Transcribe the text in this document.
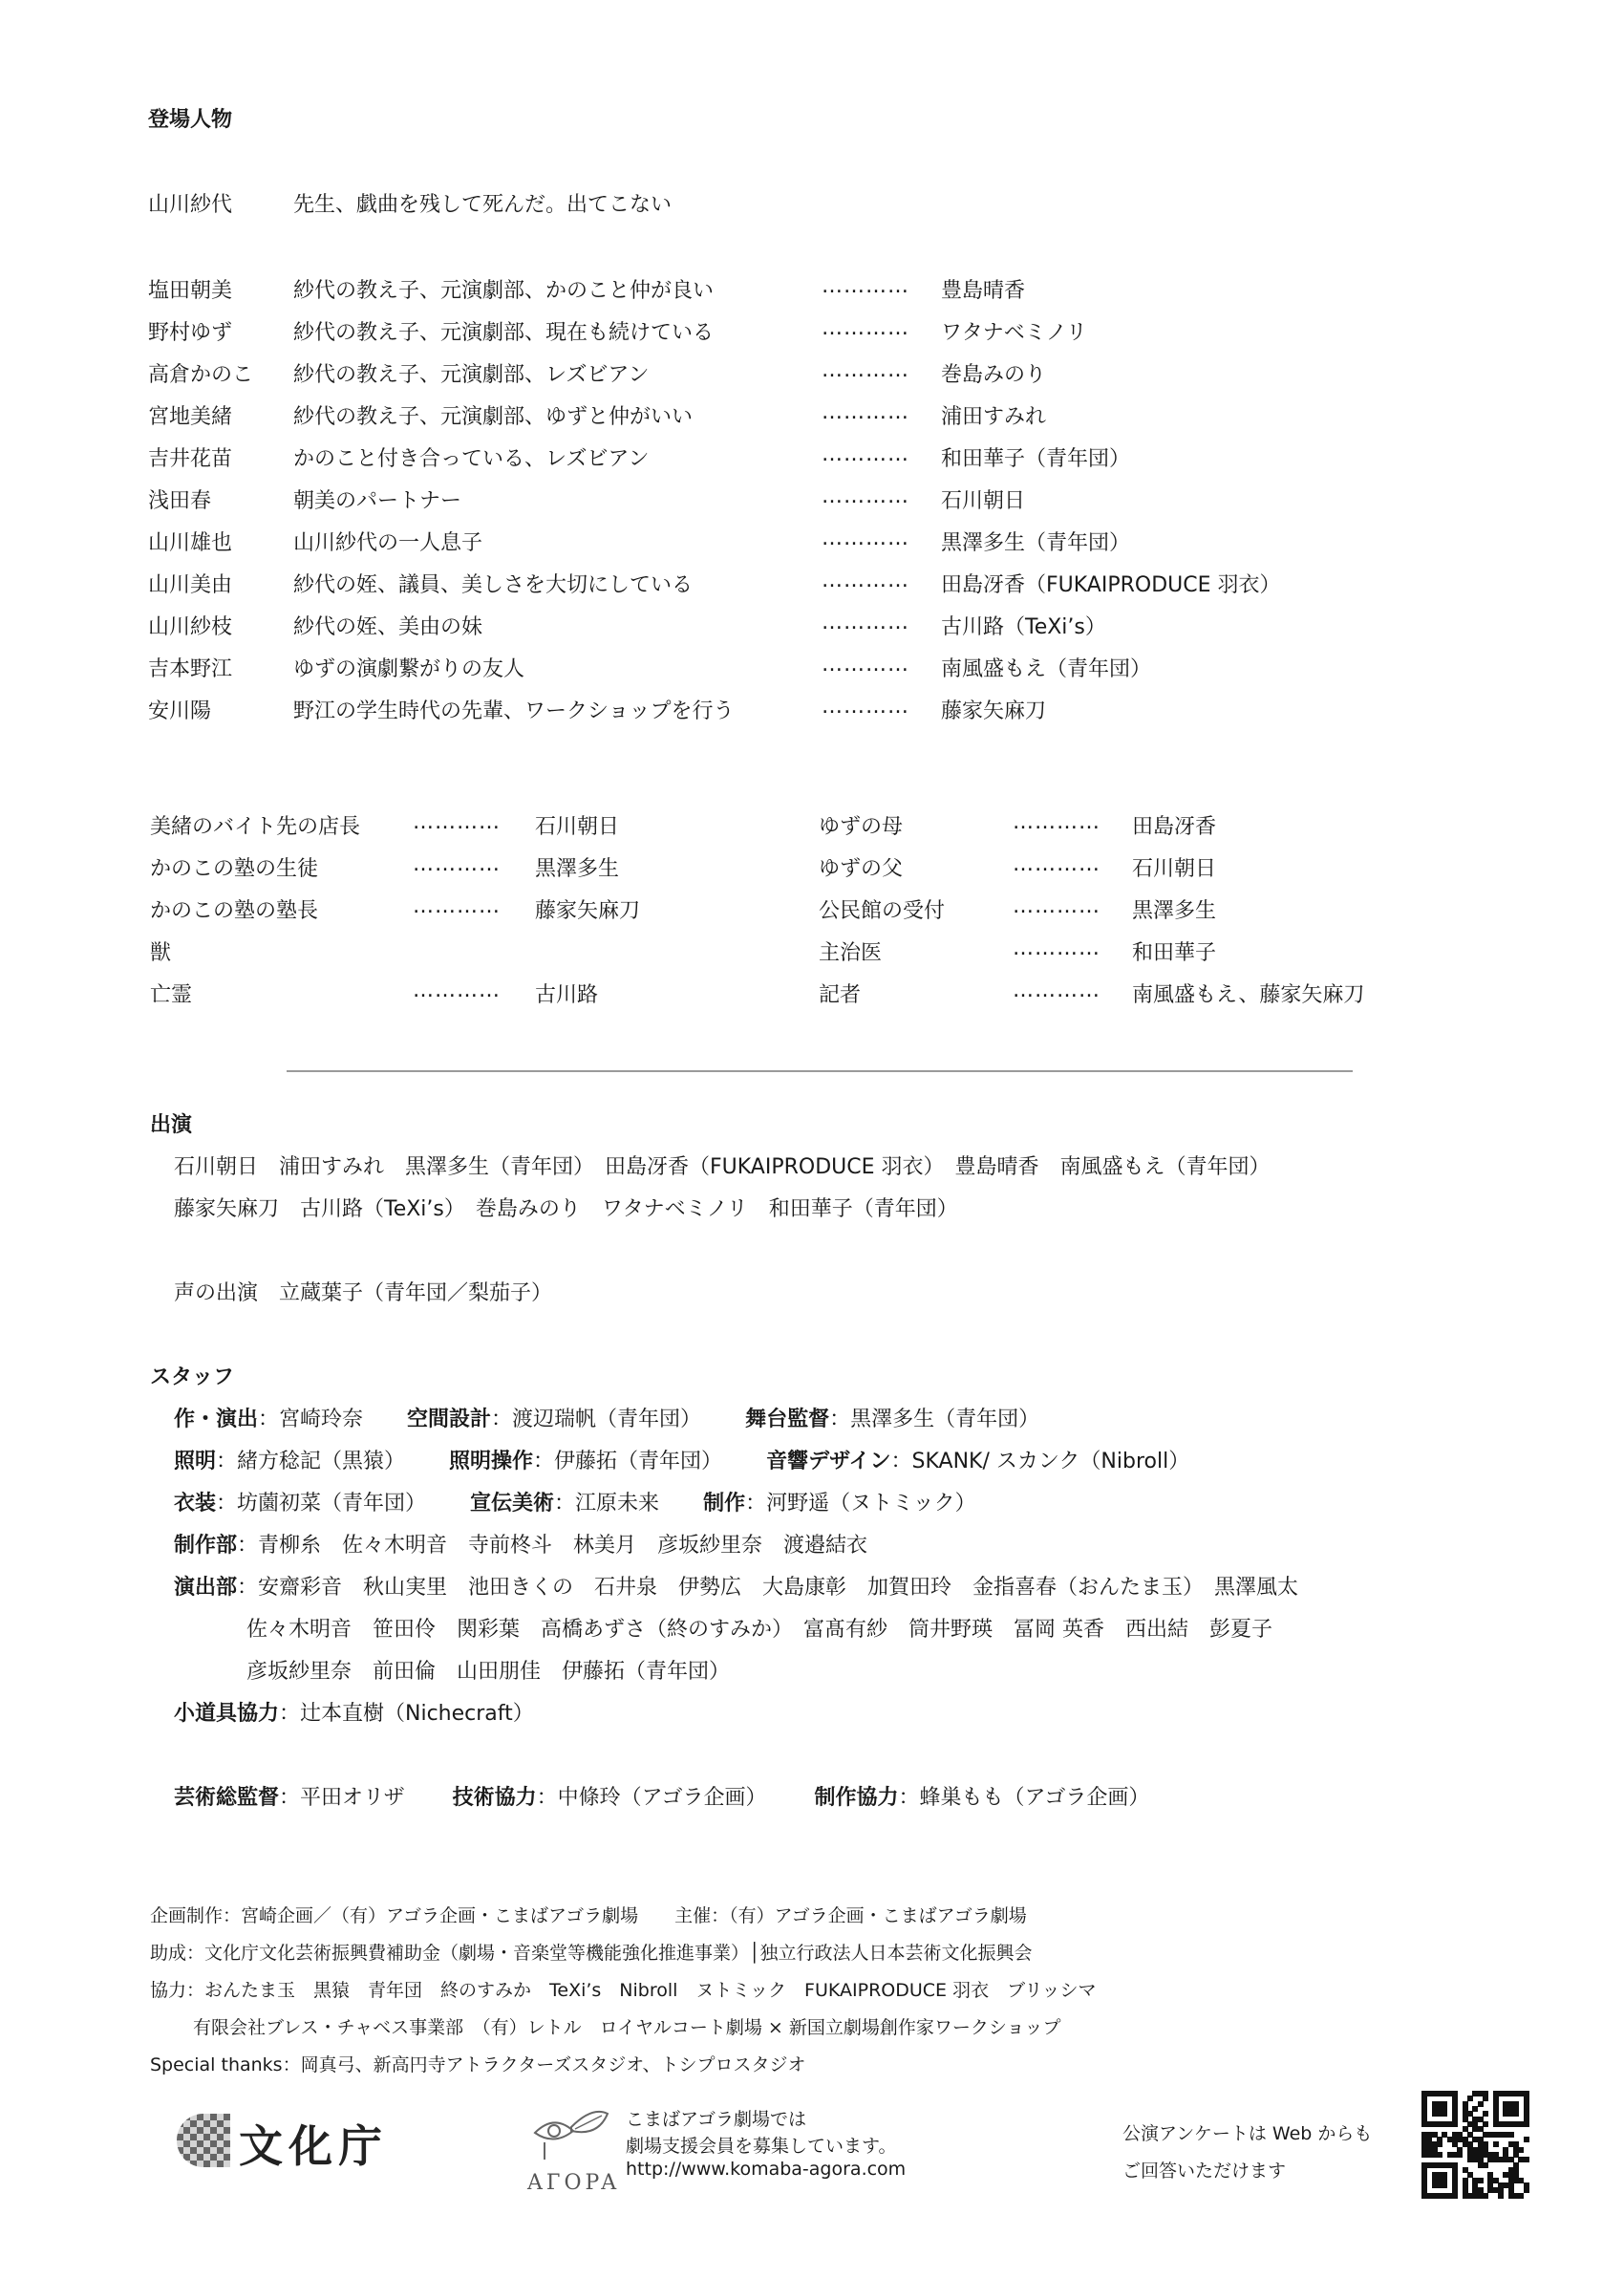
登場人物
山川紗代	先生、戯曲を残して死んだ。出てこない
塩田朝美	紗代の教え子、元演劇部、かのこと仲が良い	………… 豊島晴香
野村ゆず	紗代の教え子、元演劇部、現在も続けている	………… ワタナベミノリ
高倉かのこ 紗代の教え子、元演劇部、レズビアン	………… 巻島みのり
宮地美緒	紗代の教え子、元演劇部、ゆずと仲がいい	………… 浦田すみれ
吉井花苗	かのこと付き合っている、レズビアン	………… 和田華子（青年団）
浅田春	朝美のパートナー	………… 石川朝日
山川雄也	山川紗代の一人息子	………… 黒澤多生（青年団）
山川美由	紗代の姪、議員、美しさを大切にしている	………… 田島冴香（FUKAIPRODUCE 羽衣）
山川紗枝	紗代の姪、美由の妹	………… 古川路（TeXi’s）
吉本野江	ゆずの演劇繋がりの友人	………… 南風盛もえ（青年団）
安川陽	野江の学生時代の先輩、ワークショップを行う	………… 藤家矢麻刀
美緒のバイト先の店長 ………… 石川朝日
かのこの塾の生徒	………… 黒澤多生
かのこの塾の塾長	………… 藤家矢麻刀
獣
亡霊	………… 古川路
ゆずの母	………… 田島冴香
ゆずの父	………… 石川朝日
公民館の受付	………… 黒澤多生
主治医	………… 和田華子
記者	………… 南風盛もえ、藤家矢麻刀
出演
石川朝日　浦田すみれ　黒澤多生（青年団）　田島冴香（FUKAIPRODUCE 羽衣）　豊島晴香　南風盛もえ（青年団）
藤家矢麻刀　古川路（TeXi’s）　巻島みのり　ワタナベミノリ　和田華子（青年団）
声の出演　立蔵葉子（青年団／梨茄子）
スタッフ
作・演出：宮崎玲奈 空間設計：渡辺瑞帆（青年団） 舞台監督：黒澤多生（青年団）
照明：緒方稔記（黒猿） 照明操作：伊藤拓（青年団） 音響デザイン：SKANK/ スカンク（Nibroll）
衣装：坊薗初菜（青年団） 宣伝美術：江原未来 制作：河野遥（ヌトミック）
制作部：青柳糸　佐々木明音　寺前柊斗　林美月　彦坂紗里奈　渡邉結衣
演出部：安齋彩音　秋山実里　池田きくの　石井泉　伊勢広　大島康彰　加賀田玲　金指喜春（おんたま玉）　黒澤風太
佐々木明音　笹田伶　関彩葉　高橋あずさ（終のすみか）　富髙有紗　筒井野瑛　冨岡 英香　西出結　彭夏子
彦坂紗里奈　前田倫　山田朋佳　伊藤拓（青年団）
小道具協力：辻本直樹（Nichecraft）
芸術総監督：平田オリザ 技術協力：中條玲（アゴラ企画） 制作協力：蜂巣もも（アゴラ企画）
企画制作：宮崎企画／（有）アゴラ企画・こまばアゴラ劇場　　主催：（有）アゴラ企画・こまばアゴラ劇場
助成：文化庁文化芸術振興費補助金（劇場・音楽堂等機能強化推進事業）│独立行政法人日本芸術文化振興会
協力：おんたま玉　黒猿　青年団　終のすみか　TeXi’s　Nibroll　ヌトミック　FUKAIPRODUCE 羽衣　ブリッシマ
有限会社ブレス・チャベス事業部　（有）レトル　ロイヤルコート劇場 × 新国立劇場創作家ワークショップ
Special thanks：岡真弓、新高円寺アトラクターズスタジオ、トシプロスタジオ
文化庁
AГOPA
こまばアゴラ劇場では
劇場支援会員を募集しています。
http://www.komaba-agora.com
公演アンケートは Web からも
ご回答いただけます
